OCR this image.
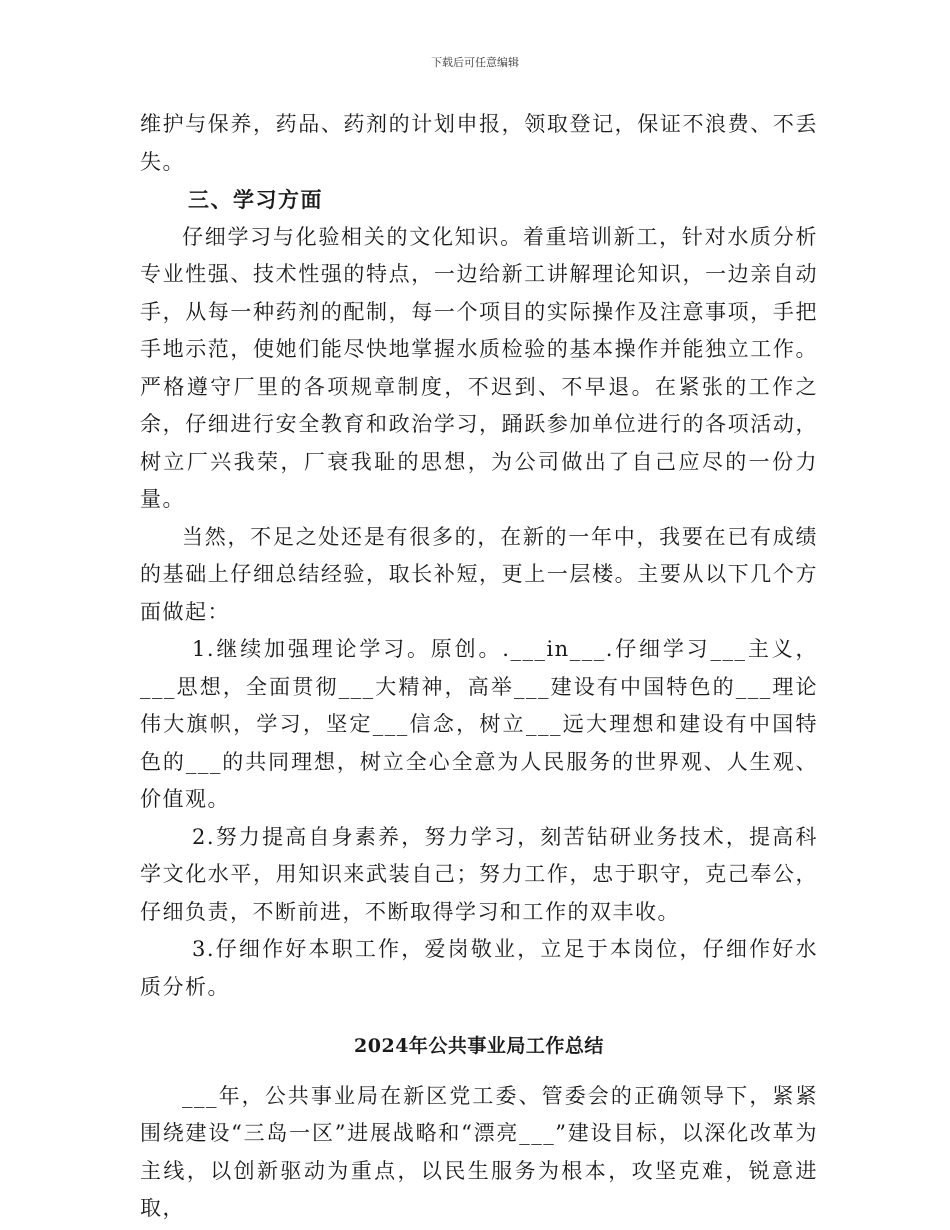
下载后可任意编辑

维护与保养，药品、药剂的计划申报，领取登记，保证不浪费、不丢失。

三、学习方面

仔细学习与化验相关的文化知识。着重培训新工，针对水质分析专业性强、技术性强的特点，一边给新工讲解理论知识，一边亲自动手，从每一种药剂的配制，每一个项目的实际操作及注意事项，手把手地示范，使她们能尽快地掌握水质检验的基本操作并能独立工作。严格遵守厂里的各项规章制度，不迟到、不早退。在紧张的工作之余，仔细进行安全教育和政治学习，踊跃参加单位进行的各项活动，树立厂兴我荣，厂衰我耻的思想，为公司做出了自己应尽的一份力量。

当然，不足之处还是有很多的，在新的一年中，我要在已有成绩的基础上仔细总结经验，取长补短，更上一层楼。主要从以下几个方面做起：

1.继续加强理论学习。原创。.___in___.仔细学习___主义，___思想，全面贯彻___大精神，高举___建设有中国特色的___理论伟大旗帜，学习，坚定___信念，树立___远大理想和建设有中国特色的___的共同理想，树立全心全意为人民服务的世界观、人生观、价值观。

2.努力提高自身素养，努力学习，刻苦钻研业务技术，提高科学文化水平，用知识来武装自己；努力工作，忠于职守，克己奉公，仔细负责，不断前进，不断取得学习和工作的双丰收。

3.仔细作好本职工作，爱岗敬业，立足于本岗位，仔细作好水质分析。

2024年公共事业局工作总结

___年，公共事业局在新区党工委、管委会的正确领导下，紧紧围绕建设“三岛一区”进展战略和“漂亮___”建设目标，以深化改革为主线，以创新驱动为重点，以民生服务为根本，攻坚克难，锐意进取，
